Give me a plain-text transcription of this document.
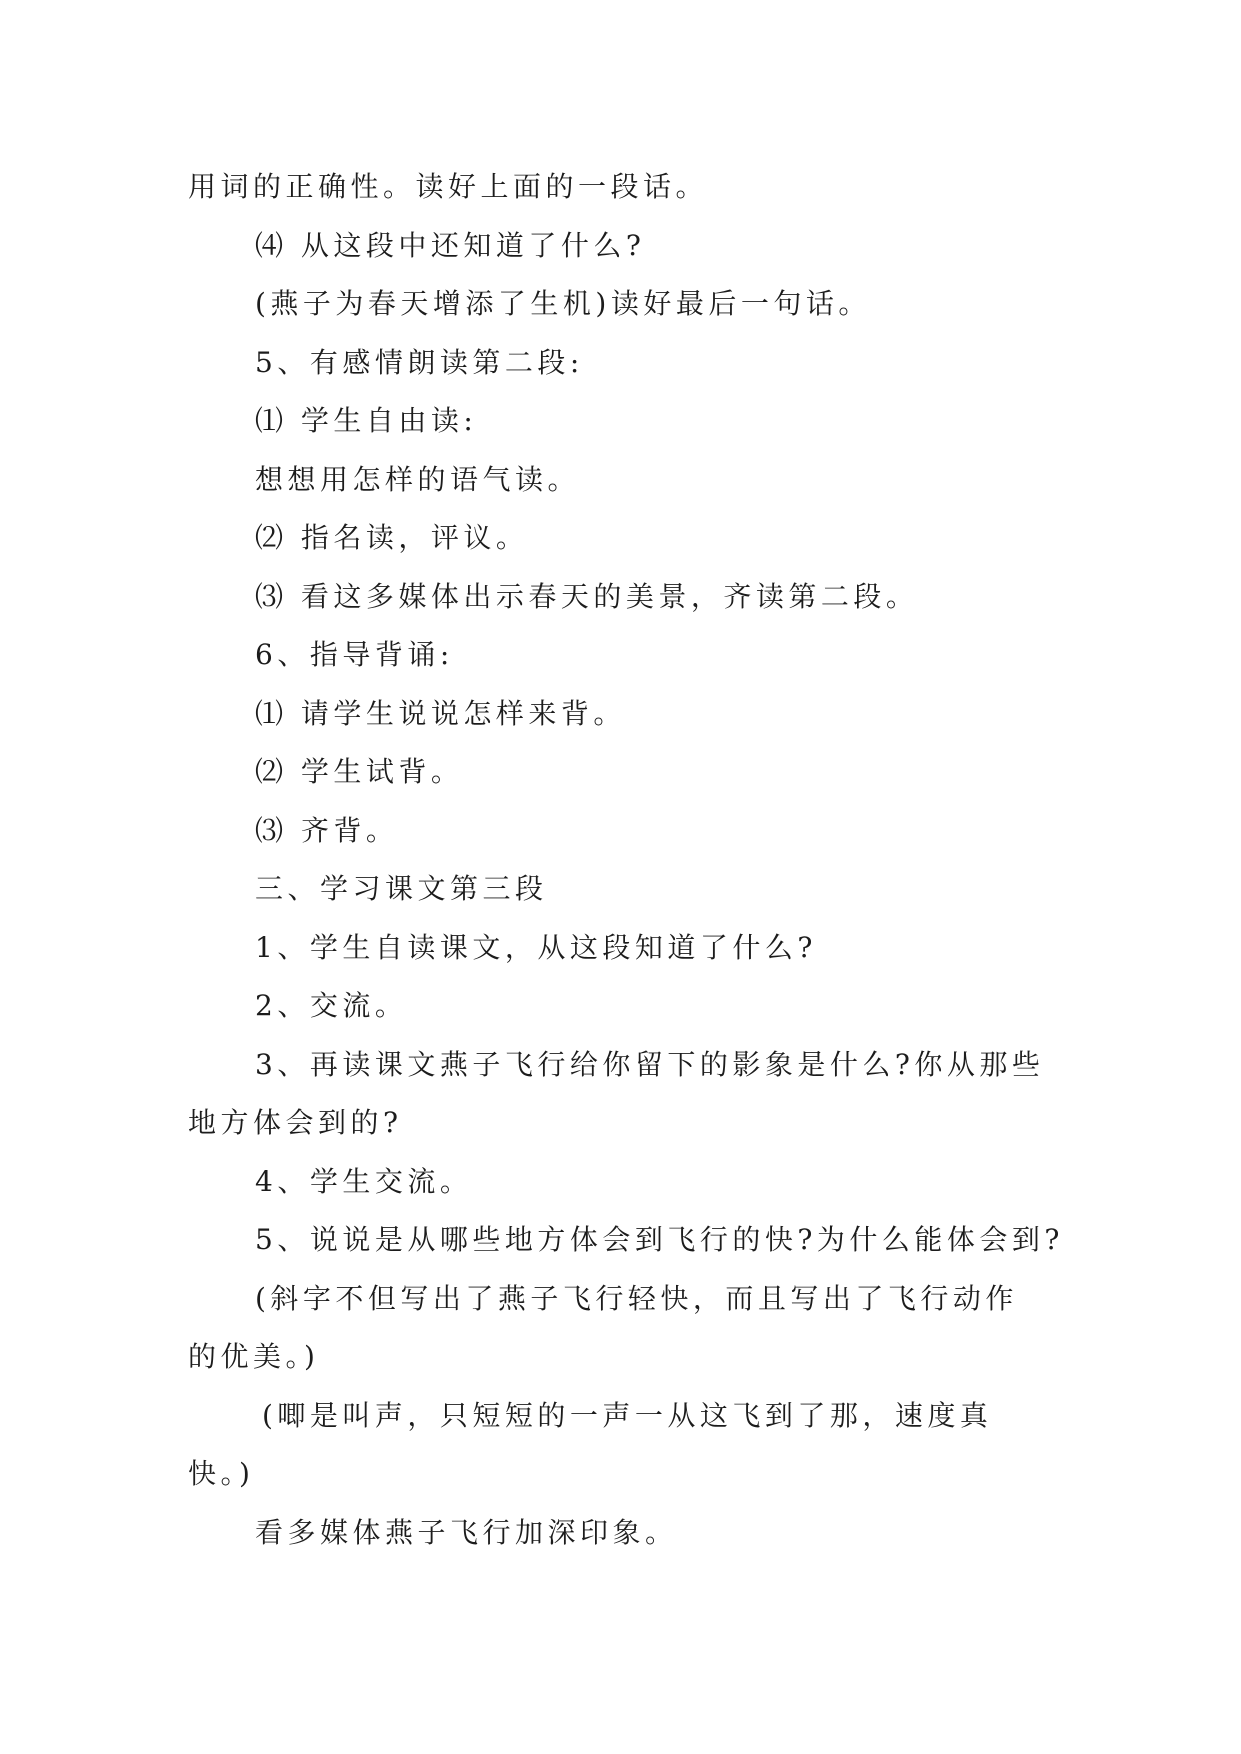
用词的正确性。读好上面的一段话。
⑷ 从这段中还知道了什么?
(燕子为春天增添了生机)读好最后一句话。
5、有感情朗读第二段:
⑴ 学生自由读:
想想用怎样的语气读。
⑵ 指名读，评议。
⑶ 看这多媒体出示春天的美景，齐读第二段。
6、指导背诵:
⑴ 请学生说说怎样来背。
⑵ 学生试背。
⑶ 齐背。
三、学习课文第三段
1、学生自读课文，从这段知道了什么?
2、交流。
3、再读课文燕子飞行给你留下的影象是什么?你从那些
地方体会到的?
4、学生交流。
5、说说是从哪些地方体会到飞行的快?为什么能体会到?
(斜字不但写出了燕子飞行轻快，而且写出了飞行动作
的优美。)
(唧是叫声，只短短的一声一从这飞到了那，速度真
快。)
看多媒体燕子飞行加深印象。
